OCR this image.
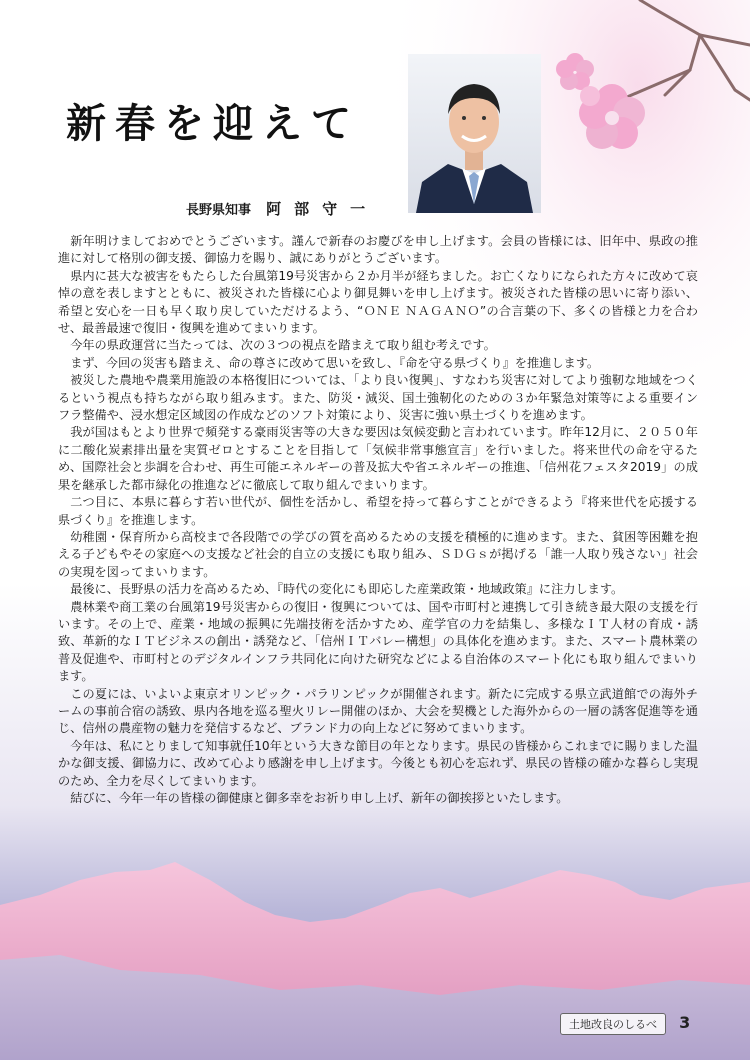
新春を迎えて
長野県知事 阿部守一

新年明けましておめでとうございます。謹んで新春のお慶びを申し上げます。会員の皆様には、旧年中、県政の推進に対して格別の御支援、御協力を賜り、誠にありがとうございます。

県内に甚大な被害をもたらした台風第19号災害から２か月半が経ちました。お亡くなりになられた方々に改めて哀悼の意を表しますとともに、被災された皆様に心より御見舞いを申し上げます。被災された皆様の思いに寄り添い、希望と安心を一日も早く取り戻していただけるよう、“ＯＮＥ ＮＡＧＡＮＯ”の合言葉の下、多くの皆様と力を合わせ、最善最速で復旧・復興を進めてまいります。

今年の県政運営に当たっては、次の３つの視点を踏まえて取り組む考えです。

まず、今回の災害も踏まえ、命の尊さに改めて思いを致し、『命を守る県づくり』を推進します。

被災した農地や農業用施設の本格復旧については、「より良い復興」、すなわち災害に対してより強靭な地域をつくるという視点も持ちながら取り組みます。また、防災・減災、国土強靭化のための３か年緊急対策等による重要インフラ整備や、浸水想定区域図の作成などのソフト対策により、災害に強い県土づくりを進めます。

我が国はもとより世界で頻発する豪雨災害等の大きな要因は気候変動と言われています。昨年12月に、２０５０年に二酸化炭素排出量を実質ゼロとすることを目指して「気候非常事態宣言」を行いました。将来世代の命を守るため、国際社会と歩調を合わせ、再生可能エネルギーの普及拡大や省エネルギーの推進、「信州花フェスタ2019」の成果を継承した都市緑化の推進などに徹底して取り組んでまいります。

二つ目に、本県に暮らす若い世代が、個性を活かし、希望を持って暮らすことができるよう『将来世代を応援する県づくり』を推進します。

幼稚園・保育所から高校まで各段階での学びの質を高めるための支援を積極的に進めます。また、貧困等困難を抱える子どもやその家庭への支援など社会的自立の支援にも取り組み、ＳＤＧｓが掲げる「誰一人取り残さない」社会の実現を図ってまいります。

最後に、長野県の活力を高めるため、『時代の変化にも即応した産業政策・地域政策』に注力します。

農林業や商工業の台風第19号災害からの復旧・復興については、国や市町村と連携して引き続き最大限の支援を行います。その上で、産業・地域の振興に先端技術を活かすため、産学官の力を結集し、多様なＩＴ人材の育成・誘致、革新的なＩＴビジネスの創出・誘発など、「信州ＩＴバレー構想」の具体化を進めます。また、スマート農林業の普及促進や、市町村とのデジタルインフラ共同化に向けた研究などによる自治体のスマート化にも取り組んでまいります。

この夏には、いよいよ東京オリンピック・パラリンピックが開催されます。新たに完成する県立武道館での海外チームの事前合宿の誘致、県内各地を巡る聖火リレー開催のほか、大会を契機とした海外からの一層の誘客促進等を通じ、信州の農産物の魅力を発信するなど、ブランド力の向上などに努めてまいります。

今年は、私にとりまして知事就任10年という大きな節目の年となります。県民の皆様からこれまでに賜りました温かな御支援、御協力に、改めて心より感謝を申し上げます。今後とも初心を忘れず、県民の皆様の確かな暮らし実現のため、全力を尽くしてまいります。

結びに、今年一年の皆様の御健康と御多幸をお祈り申し上げ、新年の御挨拶といたします。

土地改良のしるべ 3
